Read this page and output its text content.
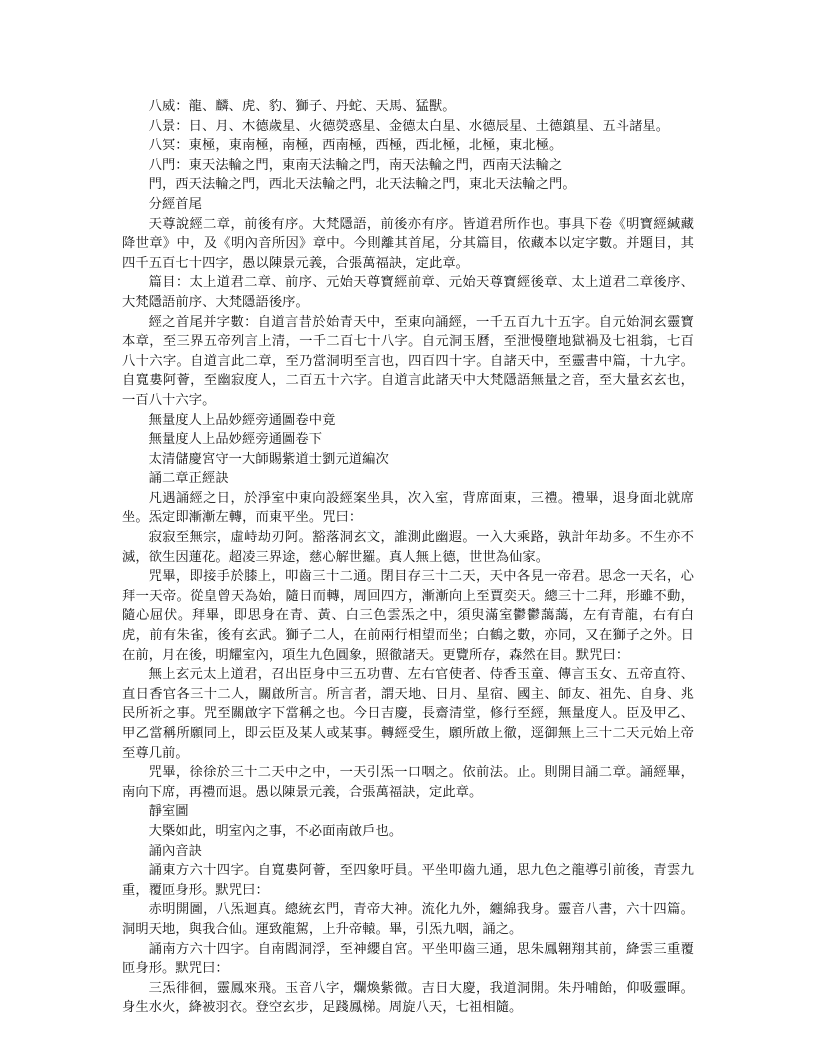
八威：龍、麟、虎、豹、獅子、丹蛇、天馬、猛獸。

八景：日、月、木德歲星、火德熒惑星、金德太白星、水德辰星、土德鎮星、五斗諸星。

八冥：東極，東南極，南極，西南極，西極，西北極，北極，東北極。

八門：東天法輪之門，東南天法輪之門，南天法輪之門，西南天法輪之

門，西天法輪之門，西北天法輪之門，北天法輪之門，東北天法輪之門。

分經首尾

天尊說經二章，前後有序。大梵隱語，前後亦有序。皆道君所作也。事具下卷《明寶經緘藏降世章》中，及《明內音所因》章中。今則離其首尾，分其篇目，依藏本以定字數。并題目，其四千五百七十四字，愚以陳景元義，合張萬福訣，定此章。

篇目：太上道君二章、前序、元始天尊寶經前章、元始天尊寶經後章、太上道君二章後序、大梵隱語前序、大梵隱語後序。

經之首尾并字數：自道言昔於始青天中，至東向誦經，一千五百九十五字。自元始洞玄靈寶本章，至三界五帝列言上清，一千二百七十八字。自元洞玉曆，至泄慢墮地獄禍及七祖翁，七百八十六字。自道言此二章，至乃當洞明至言也，四百四十字。自諸天中，至靈書中篇，十九字。自寬婁阿薈，至幽寂度人，二百五十六字。自道言此諸天中大梵隱語無量之音，至大量玄玄也，一百八十六字。

無量度人上品妙經旁通圖卷中竟

無量度人上品妙經旁通圖卷下

太清儲慶宮守一大師賜紫道士劉元道編次

誦二章正經訣

凡遇誦經之日，於淨室中東向設經案坐具，次入室，背席面東，三禮。禮畢，退身面北就席坐。炁定即漸漸左轉，而東平坐。咒曰：

寂寂至無宗，虛峙劫刃阿。豁落洞玄文，誰測此幽遐。一入大乘路，孰計年劫多。不生亦不滅，欲生因蓮花。超凌三界途，慈心解世羅。真人無上德，世世為仙家。

咒畢，即接手於膝上，叩齒三十二通。閉目存三十二天，天中各見一帝君。思念一天名，心拜一天帝。從皇曾天為始，隨日而轉，周回四方，漸漸向上至賈奕天。總三十二拜，形雖不動，隨心屈伏。拜畢，即思身在青、黃、白三色雲炁之中，須臾滿室鬱鬱藹藹，左有青龍，右有白虎，前有朱雀，後有玄武。獅子二人，在前兩行相望而坐；白鶴之數，亦同，又在獅子之外。日在前，月在後，明耀室內，項生九色圓象，照徹諸天。更覽所存，森然在目。默咒曰：

無上玄元太上道君，召出臣身中三五功曹、左右官使者、侍香玉童、傳言玉女、五帝直符、直日香官各三十二人，關啟所言。所言者，謂天地、日月、星宿、國主、師友、祖先、自身、兆民所祈之事。咒至關啟字下當稱之也。今日吉慶，長齋清堂，修行至經，無量度人。臣及甲乙、甲乙當稱所願同上，即云臣及某人或某事。轉經受生，願所啟上徹，逕御無上三十二天元始上帝至尊几前。

咒畢，徐徐於三十二天中之中，一天引炁一口咽之。依前法。止。則開目誦二章。誦經畢，南向下席，再禮而退。愚以陳景元義，合張萬福訣，定此章。

靜室圖

大槩如此，明室內之事，不必面南啟戶也。

誦內音訣

誦東方六十四字。自寬婁阿薈，至四象吁員。平坐叩齒九通，思九色之龍導引前後，青雲九重，覆匝身形。默咒曰：

赤明開圖，八炁迴真。總統玄門，青帝大神。流化九外，纏綿我身。靈音八書，六十四篇。洞明天地，與我合仙。運致龍駕，上升帝轅。畢，引炁九咽，誦之。

誦南方六十四字。自南閻洞浮，至神纓自宮。平坐叩齒三通，思朱鳳翱翔其前，絳雲三重覆匝身形。默咒曰：

三炁徘徊，靈鳳來飛。玉音八字，爛煥紫微。吉日大慶，我道洞開。朱丹哺飴，仰吸靈暉。身生水火，絳被羽衣。登空玄步，足踐鳳梯。周旋八天，七祖相隨。
